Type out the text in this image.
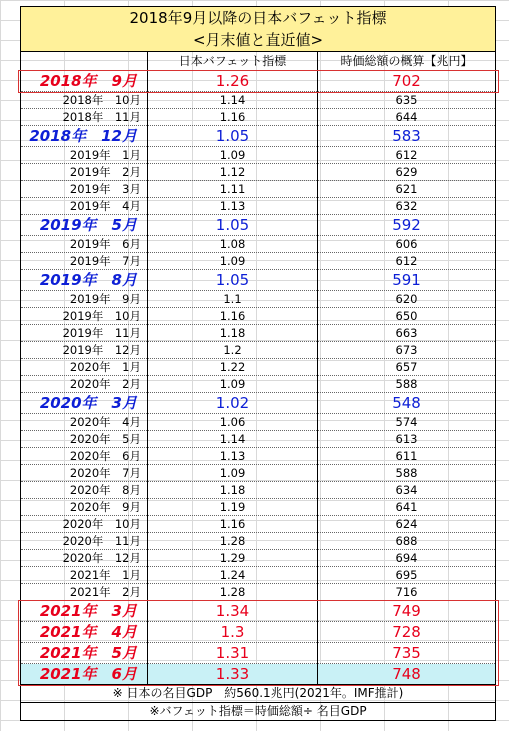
2018年9月以降の日本バフェット指標		
<月末値と直近値>		
	日本バフェット指標	時価総額の概算【兆円】
2018年　9月	1.26	702
2018年　10月	1.14	635
2018年　11月	1.16	644
2018年　12月	1.05	583
2019年　1月	1.09	612
2019年　2月	1.12	629
2019年　3月	1.11	621
2019年　4月	1.13	632
2019年　5月	1.05	592
2019年　6月	1.08	606
2019年　7月	1.09	612
2019年　8月	1.05	591
2019年　9月	1.1	620
2019年　10月	1.16	650
2019年　11月	1.18	663
2019年　12月	1.2	673
2020年　1月	1.22	657
2020年　2月	1.09	588
2020年　3月	1.02	548
2020年　4月	1.06	574
2020年　5月	1.14	613
2020年　6月	1.13	611
2020年　7月	1.09	588
2020年　8月	1.18	634
2020年　9月	1.19	641
2020年　10月	1.16	624
2020年　11月	1.28	688
2020年　12月	1.29	694
2021年　1月	1.24	695
2021年　2月	1.28	716
2021年　3月	1.34	749
2021年　4月	1.3	728
2021年　5月	1.31	735
2021年　6月	1.33	748
※ 日本の名目GDP　約560.1兆円(2021年。IMF推計)		
※バフェット指標＝時価総額÷ 名目GDP		
